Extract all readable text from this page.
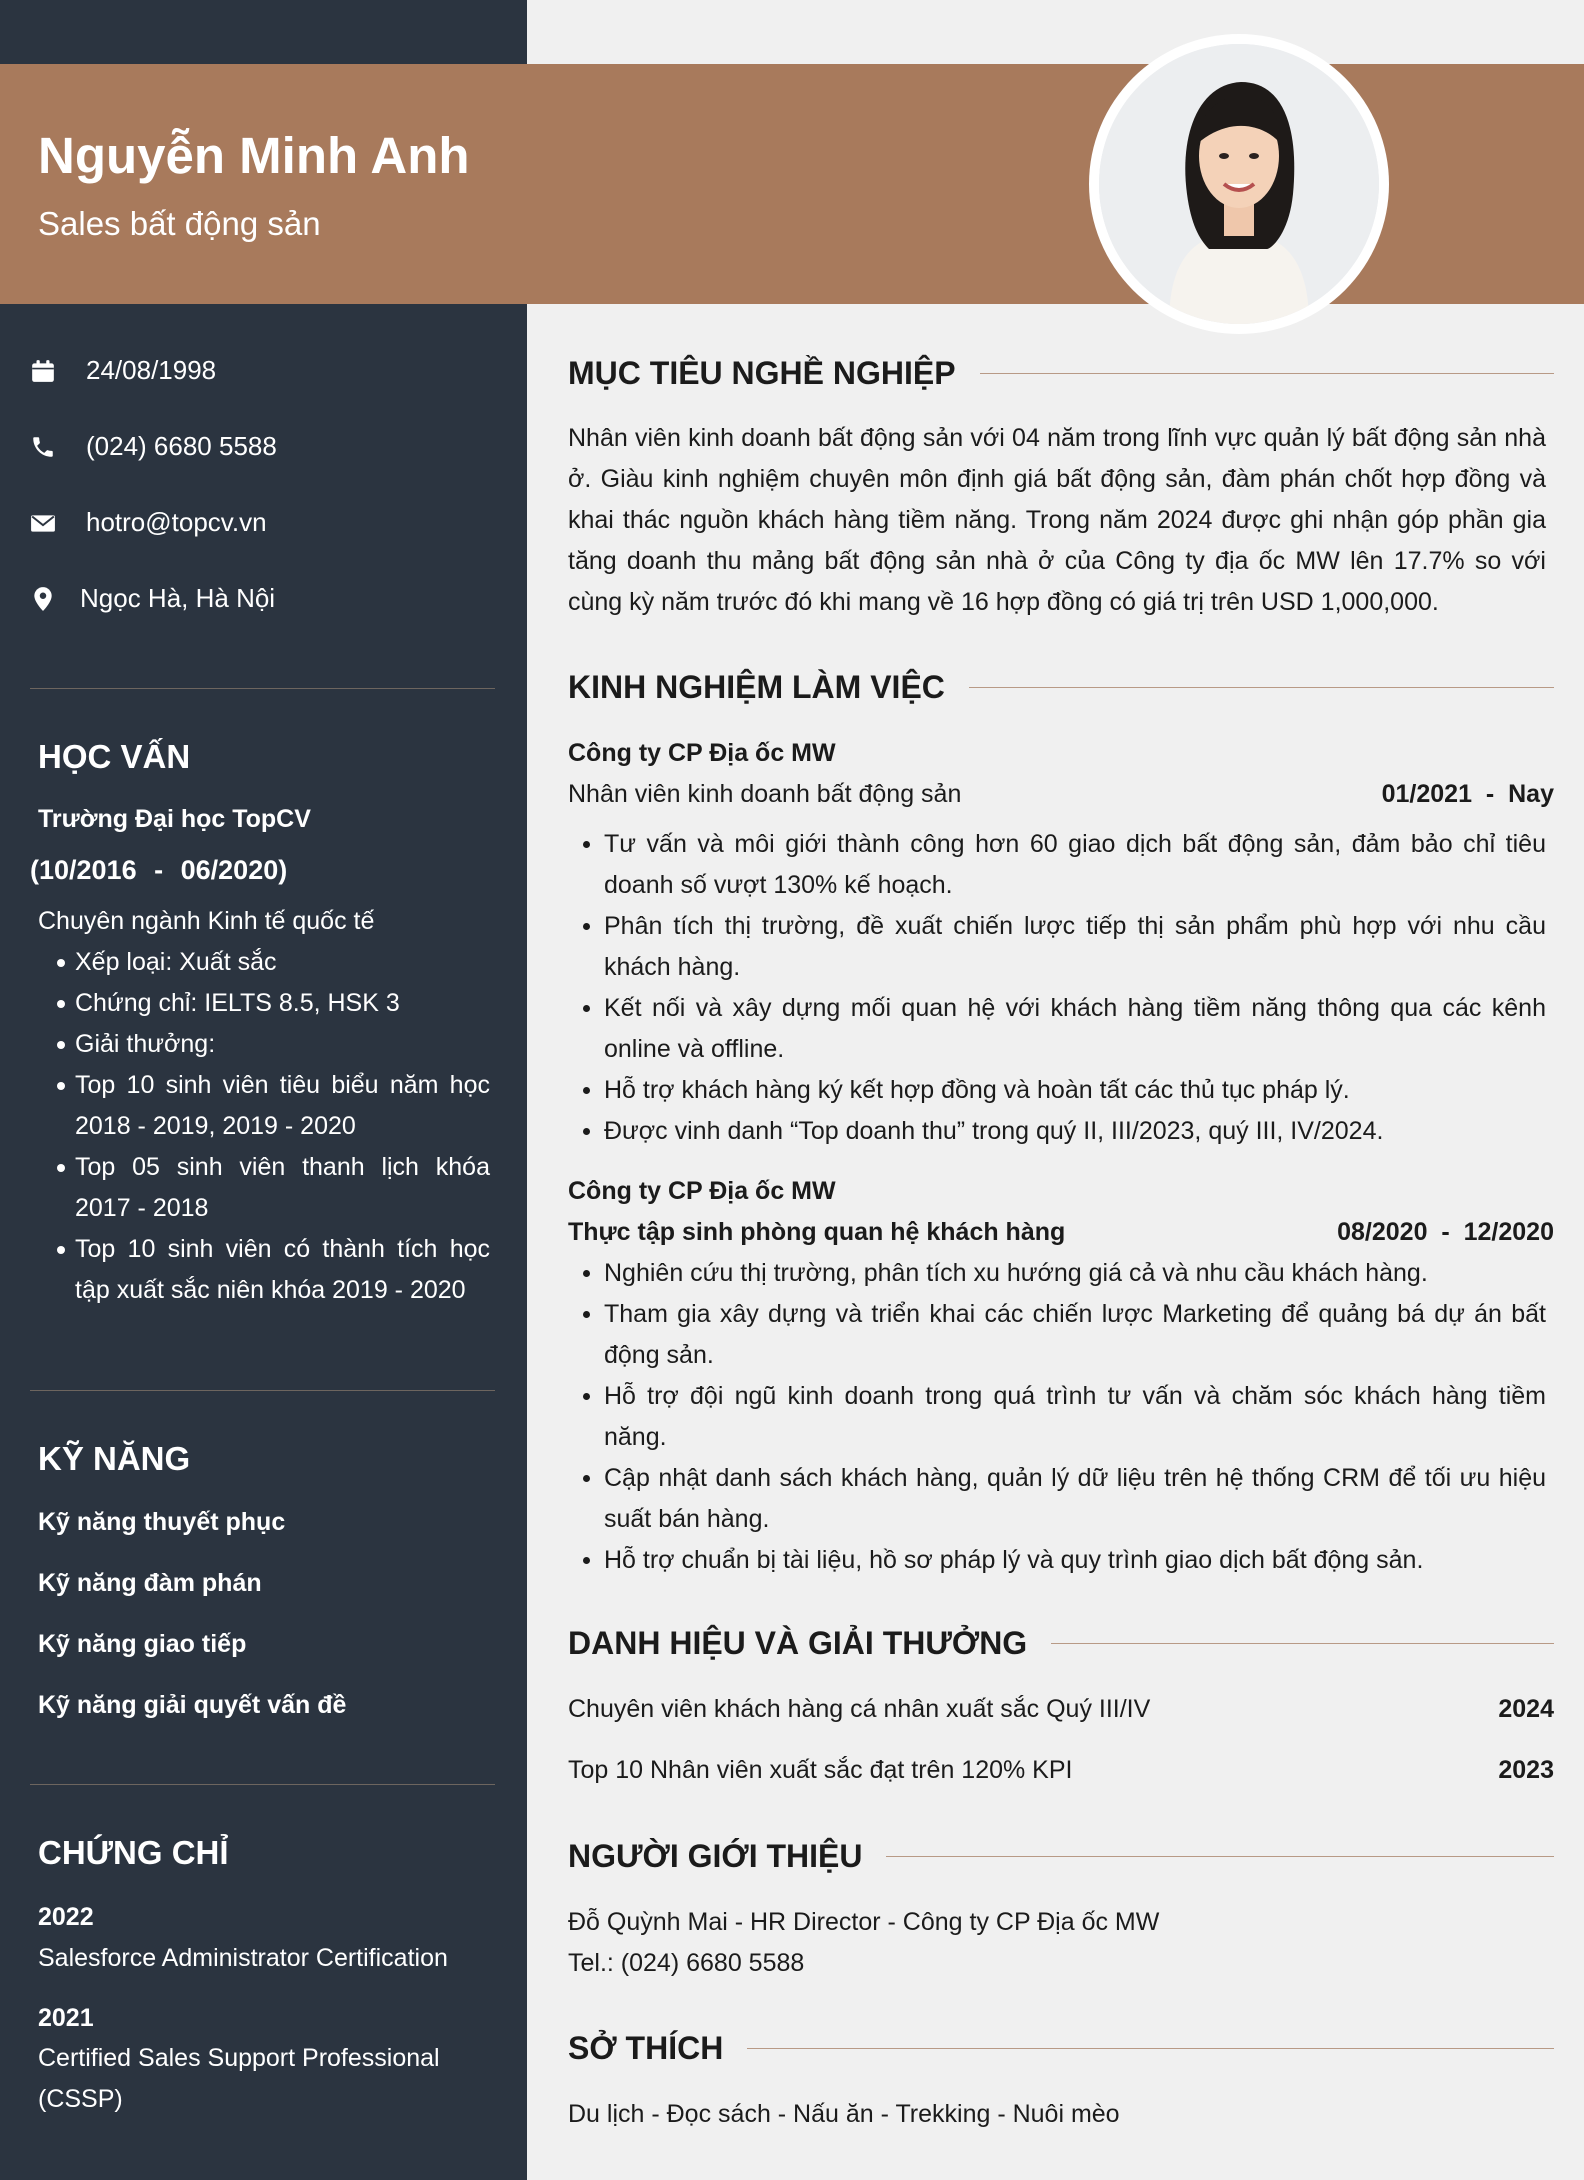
Nguyễn Minh Anh
Sales bất động sản
24/08/1998
(024) 6680 5588
hotro@topcv.vn
Ngọc Hà, Hà Nội
HỌC VẤN
Trường Đại học TopCV
(10/2016 - 06/2020)
Chuyên ngành Kinh tế quốc tế
Xếp loại: Xuất sắc
Chứng chỉ: IELTS 8.5, HSK 3
Giải thưởng:
Top 10 sinh viên tiêu biểu năm học 2018 - 2019, 2019 - 2020
Top 05 sinh viên thanh lịch khóa 2017 - 2018
Top 10 sinh viên có thành tích học tập xuất sắc niên khóa 2019 - 2020
KỸ NĂNG
Kỹ năng thuyết phục
Kỹ năng đàm phán
Kỹ năng giao tiếp
Kỹ năng giải quyết vấn đề
CHỨNG CHỈ
2022
Salesforce Administrator Certification
2021
Certified Sales Support Professional (CSSP)
MỤC TIÊU NGHỀ NGHIỆP
Nhân viên kinh doanh bất động sản với 04 năm trong lĩnh vực quản lý bất động sản nhà ở. Giàu kinh nghiệm chuyên môn định giá bất động sản, đàm phán chốt hợp đồng và khai thác nguồn khách hàng tiềm năng. Trong năm 2024 được ghi nhận góp phần gia tăng doanh thu mảng bất động sản nhà ở của Công ty địa ốc MW lên 17.7% so với cùng kỳ năm trước đó khi mang về 16 hợp đồng có giá trị trên USD 1,000,000.
KINH NGHIỆM LÀM VIỆC
Công ty CP Địa ốc MW
Nhân viên kinh doanh bất động sản	01/2021 - Nay
Tư vấn và môi giới thành công hơn 60 giao dịch bất động sản, đảm bảo chỉ tiêu doanh số vượt 130% kế hoạch.
Phân tích thị trường, đề xuất chiến lược tiếp thị sản phẩm phù hợp với nhu cầu khách hàng.
Kết nối và xây dựng mối quan hệ với khách hàng tiềm năng thông qua các kênh online và offline.
Hỗ trợ khách hàng ký kết hợp đồng và hoàn tất các thủ tục pháp lý.
Được vinh danh “Top doanh thu” trong quý II, III/2023, quý III, IV/2024.
Công ty CP Địa ốc MW
Thực tập sinh phòng quan hệ khách hàng	08/2020 - 12/2020
Nghiên cứu thị trường, phân tích xu hướng giá cả và nhu cầu khách hàng.
Tham gia xây dựng và triển khai các chiến lược Marketing để quảng bá dự án bất động sản.
Hỗ trợ đội ngũ kinh doanh trong quá trình tư vấn và chăm sóc khách hàng tiềm năng.
Cập nhật danh sách khách hàng, quản lý dữ liệu trên hệ thống CRM để tối ưu hiệu suất bán hàng.
Hỗ trợ chuẩn bị tài liệu, hồ sơ pháp lý và quy trình giao dịch bất động sản.
DANH HIỆU VÀ GIẢI THƯỞNG
Chuyên viên khách hàng cá nhân xuất sắc Quý III/IV	2024
Top 10 Nhân viên xuất sắc đạt trên 120% KPI	2023
NGƯỜI GIỚI THIỆU
Đỗ Quỳnh Mai - HR Director - Công ty CP Địa ốc MW
Tel.: (024) 6680 5588
SỞ THÍCH
Du lịch - Đọc sách - Nấu ăn - Trekking - Nuôi mèo
